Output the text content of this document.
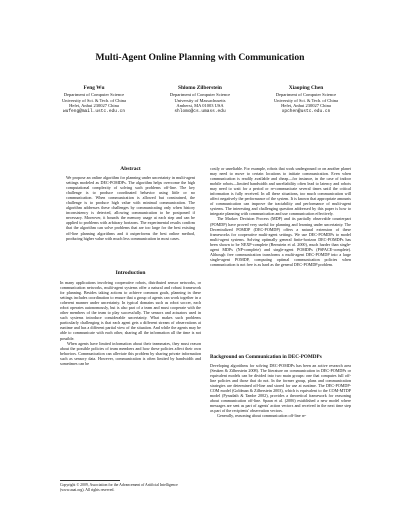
Multi-Agent Online Planning with Communication
Feng Wu
Department of Computer Science
University of Sci. & Tech. of China
Hefei, Anhui 230027 China
wufeng@mail.ustc.edu.cn
Shlomo Zilberstein
Department of Computer Science
University of Massachusetts
Amherst, MA 01003 USA
shlomo@cs.umass.edu
Xiaoping Chen
Department of Computer Science
University of Sci. & Tech. of China
Hefei, Anhui 230027 China
xpchen@ustc.edu.cn
Abstract
We propose an online algorithm for planning under uncertainty in multi-agent settings modeled as DEC-POMDPs. The algorithm helps overcome the high computational complexity of solving such problems off-line. The key challenge is to produce coordinated behavior using little or no communication. When communication is allowed but constrained, the challenge is to produce high value with minimal communication. The algorithm addresses these challenges by communicating only when history inconsistency is detected, allowing communication to be postponed if necessary. Moreover, it bounds the memory usage at each step and can be applied to problems with arbitrary horizons. The experimental results confirm that the algorithm can solve problems that are too large for the best existing off-line planning algorithms and it outperforms the best online method, producing higher value with much less communication in most cases.
Introduction

In many applications involving cooperative robots, distributed sensor networks, or communication networks, multi-agent systems offer a natural and robust framework for planning. Besides taking actions to achieve common goals, planning in these settings includes coordination to ensure that a group of agents can work together in a coherent manner under uncertainty. In typical domains such as robot soccer, each robot operates autonomously, but is also part of a team and must cooperate with the other members of the team to play successfully. The sensors and actuators used in such systems introduce considerable uncertainty. What makes such problems particularly challenging is that each agent gets a different stream of observations at runtime and has a different partial view of the situation. And while the agents may be able to communicate with each other, sharing all the information all the time is not possible.

When agents have limited information about their teammates, they must reason about the possible policies of team members and how these policies affect their own behaviors. Communication can alleviate this problem by sharing private information such as sensory data. However, communication is often limited by bandwidth and sometimes can be

Copyright © 2009, Association for the Advancement of Artificial Intelligence (www.aaai.org). All rights reserved.

costly or unreliable. For example, robots that work underground or on another planet may need to move to certain locations to initiate communication. Even when communication is readily available and cheap—for instance, in the case of indoor mobile robots—limited bandwidth and unreliability often lead to latency and robots may need to wait for a period or re-communicate several times until the critical information is fully received. In all these situations, too much communication will affect negatively the performance of the system. It is known that appropriate amounts of communication can improve the tractability and performance of multi-agent systems. The interesting and challenging question addressed by this paper is how to integrate planning with communication and use communication effectively.

The Markov Decision Process (MDP) and its partially observable counterpart (POMDP) have proved very useful for planning and learning under uncertainty. The Decentralized POMDP (DEC-POMDP) offers a natural extension of these frameworks for cooperative multi-agent settings. We use DEC-POMDPs to model multi-agent systems. Solving optimally general finite-horizon DEC-POMDPs has been shown to be NEXP-complete (Bernstein et al. 2000), much harder than single-agent MDPs (NP-complete) and single-agent POMDPs (PSPACE-complete). Although free communication transforms a multi-agent DEC-POMDP into a large single-agent POMDP, computing optimal communication policies when communication is not free is as hard as the general DEC-POMDP problem.

Background on Communication in DEC-POMDPs

Developing algorithms for solving DEC-POMDPs has been an active research area (Seuken & Zilberstein 2008). The literature on communication in DEC-POMDPs or equivalent models can be divided into two main groups: one that computes full off-line policies and those that do not. In the former group, plans and communication strategies are determined off-line and stored for use at runtime. The DEC-POMDP-COM model (Goldman & Zilberstein 2003), which is equivalent to the COM-MTDP model (Pynadath & Tambe 2002), provides a theoretical framework for reasoning about communication off-line. Spaan et al. (2006) established a new model where messages are sent as part of agents' action vectors and received in the next time step as part of the recipients' observation vectors.

Generally, reasoning about communication off-line re-
